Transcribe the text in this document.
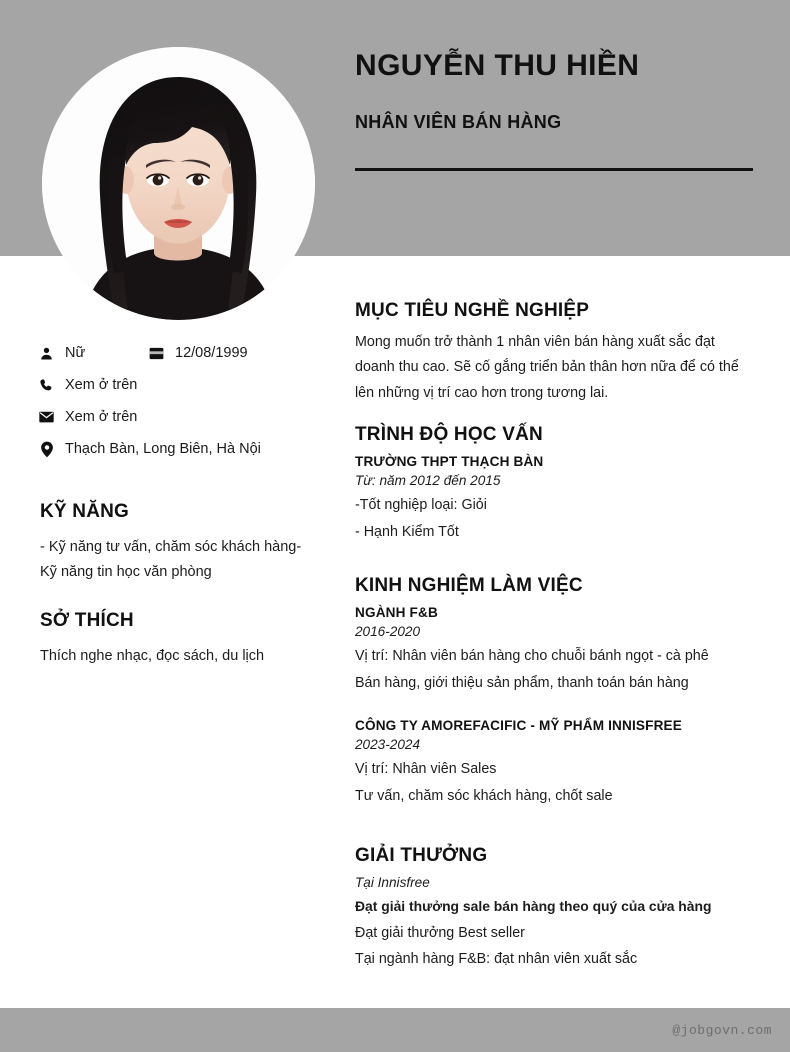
NGUYỄN THU HIỀN
NHÂN VIÊN BÁN HÀNG
@jobgovn.com
Nữ	12/08/1999
Xem ở trên
Xem ở trên
Thạch Bàn, Long Biên, Hà Nội
KỸ NĂNG

- Kỹ năng tư vấn, chăm sóc khách hàng- Kỹ năng tin học văn phòng

SỞ THÍCH

Thích nghe nhạc, đọc sách, du lịch

MỤC TIÊU NGHỀ NGHIỆP

Mong muốn trở thành 1 nhân viên bán hàng xuất sắc đạt doanh thu cao. Sẽ cố gắng triển bản thân hơn nữa để có thể lên những vị trí cao hơn trong tương lai.

TRÌNH ĐỘ HỌC VẤN
TRƯỜNG THPT THẠCH BÀN
Từ: năm 2012 đến 2015

-Tốt nghiệp loại: Giỏi

- Hạnh Kiểm Tốt

KINH NGHIỆM LÀM VIỆC
NGÀNH F&B
2016-2020

Vị trí: Nhân viên bán hàng cho chuỗi bánh ngọt - cà phê

Bán hàng, giới thiệu sản phẩm, thanh toán bán hàng

CÔNG TY AMOREFACIFIC - MỸ PHẨM INNISFREE
2023-2024

Vị trí: Nhân viên Sales

Tư vấn, chăm sóc khách hàng, chốt sale

GIẢI THƯỞNG
Tại Innisfree

Đạt giải thưởng sale bán hàng theo quý của cửa hàng

Đạt giải thưởng Best seller

Tại ngành hàng F&B: đạt nhân viên xuất sắc
